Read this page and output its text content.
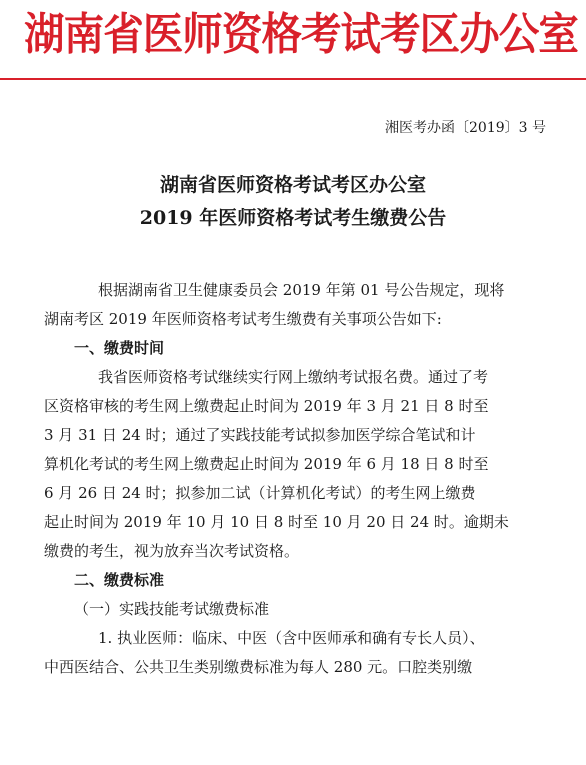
湖南省医师资格考试考区办公室
湘医考办函〔2019〕3 号
湖南省医师资格考试考区办公室
2019 年医师资格考试考生缴费公告
根据湖南省卫生健康委员会 2019 年第 01 号公告规定，现将
湖南考区 2019 年医师资格考试考生缴费有关事项公告如下:
一、缴费时间
我省医师资格考试继续实行网上缴纳考试报名费。通过了考
区资格审核的考生网上缴费起止时间为 2019 年 3 月 21 日 8 时至
3 月 31 日 24 时；通过了实践技能考试拟参加医学综合笔试和计
算机化考试的考生网上缴费起止时间为 2019 年 6 月 18 日 8 时至
6 月 26 日 24 时；拟参加二试（计算机化考试）的考生网上缴费
起止时间为 2019 年 10 月 10 日 8 时至 10 月 20 日 24 时。逾期未
缴费的考生，视为放弃当次考试资格。
二、缴费标准
（一）实践技能考试缴费标准
1. 执业医师：临床、中医（含中医师承和确有专长人员）、
中西医结合、公共卫生类别缴费标准为每人 280 元。口腔类别缴
